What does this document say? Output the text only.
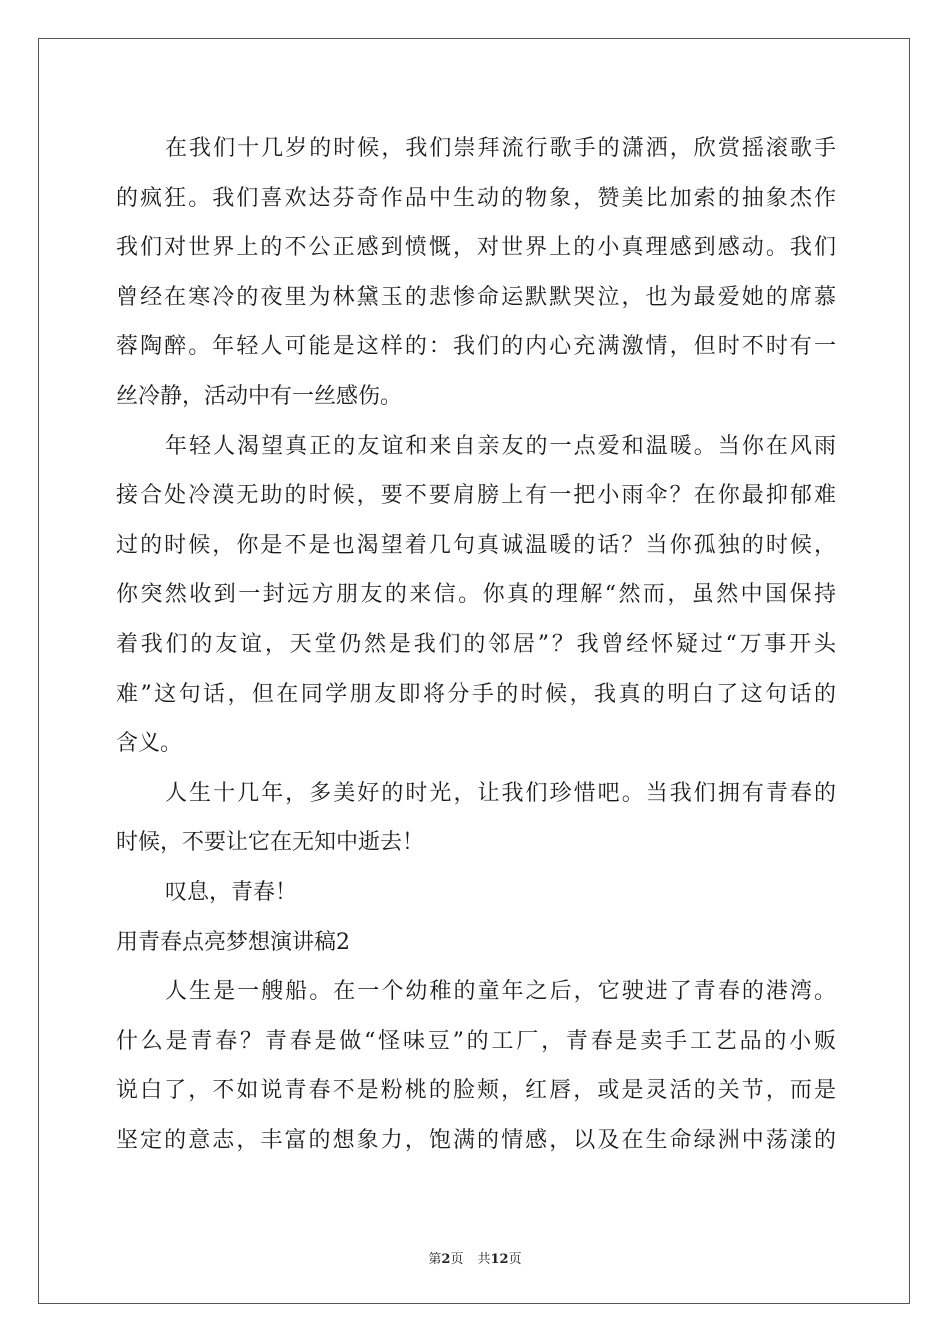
在我们十几岁的时候，我们崇拜流行歌手的潇洒，欣赏摇滚歌手
的疯狂。我们喜欢达芬奇作品中生动的物象，赞美比加索的抽象杰作
我们对世界上的不公正感到愤慨，对世界上的小真理感到感动。我们
曾经在寒冷的夜里为林黛玉的悲惨命运默默哭泣，也为最爱她的席慕
蓉陶醉。年轻人可能是这样的：我们的内心充满激情，但时不时有一
丝冷静，活动中有一丝感伤。
年轻人渴望真正的友谊和来自亲友的一点爱和温暖。当你在风雨
接合处冷漠无助的时候，要不要肩膀上有一把小雨伞？在你最抑郁难
过的时候，你是不是也渴望着几句真诚温暖的话？当你孤独的时候，
你突然收到一封远方朋友的来信。你真的理解“然而，虽然中国保持
着我们的友谊，天堂仍然是我们的邻居”？我曾经怀疑过“万事开头
难”这句话，但在同学朋友即将分手的时候，我真的明白了这句话的
含义。
人生十几年，多美好的时光，让我们珍惜吧。当我们拥有青春的
时候，不要让它在无知中逝去！
叹息，青春！
用青春点亮梦想演讲稿2
人生是一艘船。在一个幼稚的童年之后，它驶进了青春的港湾。
什么是青春？青春是做“怪味豆”的工厂，青春是卖手工艺品的小贩
说白了，不如说青春不是粉桃的脸颊，红唇，或是灵活的关节，而是
坚定的意志，丰富的想象力，饱满的情感，以及在生命绿洲中荡漾的
第2页 共12页
